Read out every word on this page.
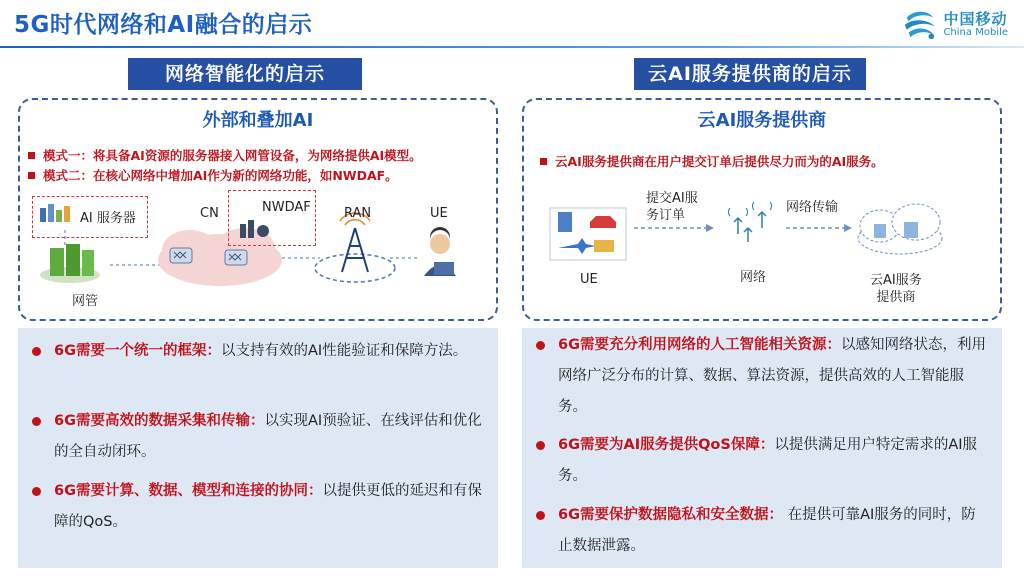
5G时代网络和AI融合的启示	中国移动
China Mobile
网络智能化的启示	云AI服务提供商的启示
外部和叠加AI
模式一：将具备AI资源的服务器接入网管设备，为网络提供AI模型。
模式二：在核心网络中增加AI作为新的网络功能，如NWDAF。
AI 服务器	CN	NWDAF	RAN	UE
网管
云AI服务提供商
云AI服务提供商在用户提交订单后提供尽力而为的AI服务。
提交AI服
务订单
网络传输
UE	网络	云AI服务
提供商
6G需要一个统一的框架：以支持有效的AI性能验证和保障方法。
6G需要高效的数据采集和传输：以实现AI预验证、在线评估和优化的全自动闭环。
6G需要计算、数据、模型和连接的协同：以提供更低的延迟和有保障的QoS。
6G需要充分利用网络的人工智能相关资源：以感知网络状态，利用网络广泛分布的计算、数据、算法资源，提供高效的人工智能服务。
6G需要为AI服务提供QoS保障：以提供满足用户特定需求的AI服务。
6G需要保护数据隐私和安全数据： 在提供可靠AI服务的同时，防止数据泄露。
